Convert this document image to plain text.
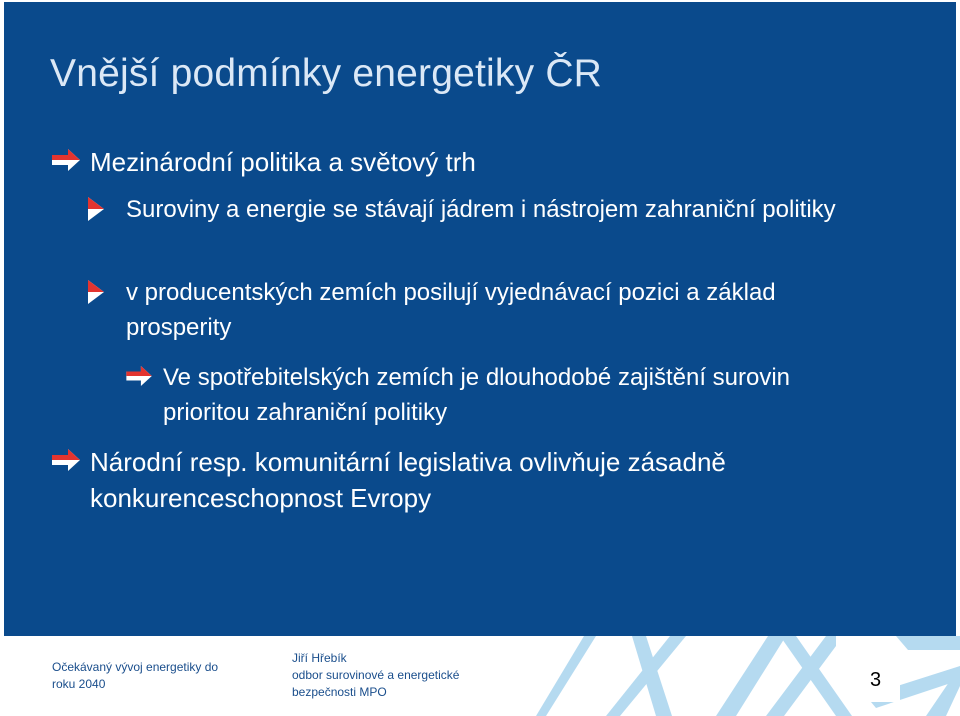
Vnější podmínky energetiky ČR
Mezinárodní politika a světový trh
Suroviny a energie se stávají jádrem i nástrojem zahraniční politiky
v producentských zemích posilují vyjednávací pozici a základ prosperity
Ve spotřebitelských zemích je dlouhodobé zajištění surovin prioritou zahraniční politiky
Národní resp. komunitární legislativa ovlivňuje zásadně konkurenceschopnost Evropy
Očekávaný vývoj energetiky do roku 2040
Jiří Hřebík
odbor surovinové a energetické bezpečnosti MPO
3
